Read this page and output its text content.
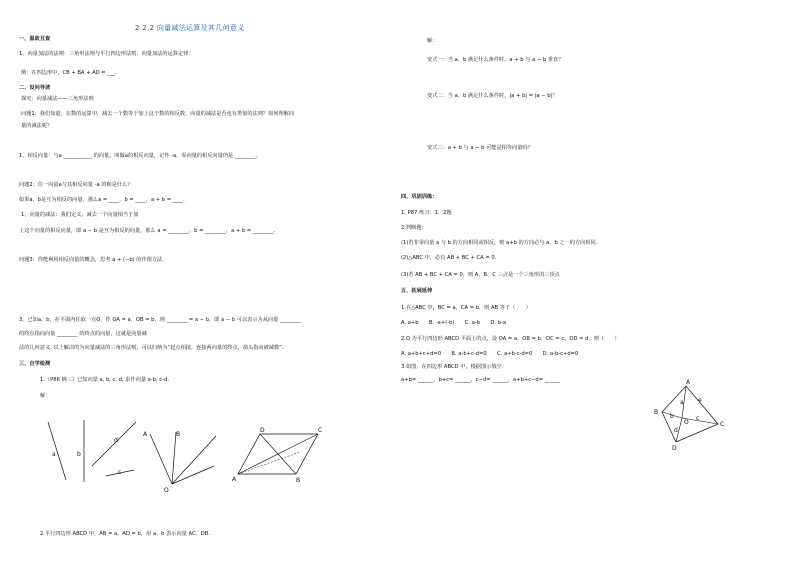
2.2.2 向量减法运算及其几何意义
一、温故互查
1、向量加法的法则：三角形法则与平行四边形法则，向量加法的运算定律：
例：在四边形中，CB + BA + AD = ___.
二、设问导读
探究：向量减法——三角形法则
问题1：我们知道，在数的运算中，减去一个数等于加上这个数的相反数，向量的减法是否也有类似的法则？如何理解向
量的减法呢？
1、相反向量：与a ___________ 的向量，叫做a的相反向量，记作 -a，零向量的相反向量仍是 ________。
问题2：任一向量a与其相反向量 -a 的和是什么？
如果a、b是互为相反的向量，那么a = ____，b = ____，a + b = ____.
1、向量的减法：我们定义，减去一个向量相当于加
上这个向量的相反向量，即 a − b 是互为相反的向量，那么 a = ________，b = ________，a + b = ________.
问题3：你能利用相反向量的概念，思考 a + (−b) 的作图方法.
3、已知a，b，在平面内任取一点O，作 OA = a，OB = b，则 ________ = a − b，即 a − b 可以表示为从向量 ________
的终点指向向量 ________ 的终点的向量，这就是向量减
法的几何意义. 以上解决的为向量减法的三角形法则，可以归纳为“起点相接，连接两向量的终点，箭头指向被减数”.
三、自学检测
1.（P86 例三）已知向量 a, b, c, d, 求作向量 a-b, c-d.
解：
a	b
c
d
A	B
O
D	C
A	B
2.平行四边形 ABCD 中，AB = a，AD = b，用 a、b 表示向量 AC、DB.
解：
变式一：当 a、b 满足什么条件时，a + b 与 a − b 垂直？
变式二：当 a、b 满足什么条件时，|a + b| = |a − b|？
变式三：a + b 与 a − b 可能是相等向量吗？
四、巩固训练：
1. P87 练习：1、2题
2.判断题：
(1)若非零向量 a 与 b 的方向相同或相反，则 a+b 的方向必与 a、b 之一的方向相同.
(2)△ABC 中，必有 AB + BC + CA = 0.
(3)若 AB + BC + CA = 0，则 A、B、C 三点是一个三角形的三顶点
五、拓展延伸
1.在△ABC 中，BC = a，CA = b，则 AB 等于（　　）
A. a+b　　B. -a+(-b)　　C. a-b　　D. b-a
2.O 为平行四边形 ABCD 平面上的点，设 OA = a，OB = b，OC = c，OD = d，则（　　）
A. a+b+c+d=0　　B. a-b+c-d=0　　C. a+b-c-d=0　　D. a-b-c+d=0
3.如图，在四边形 ABCD 中，根据图示填空：
a+b= ______，b+c= ______，c−d= ______，a+b+c−d= ______	A
B
C
D
O
a
b	c
d
e
